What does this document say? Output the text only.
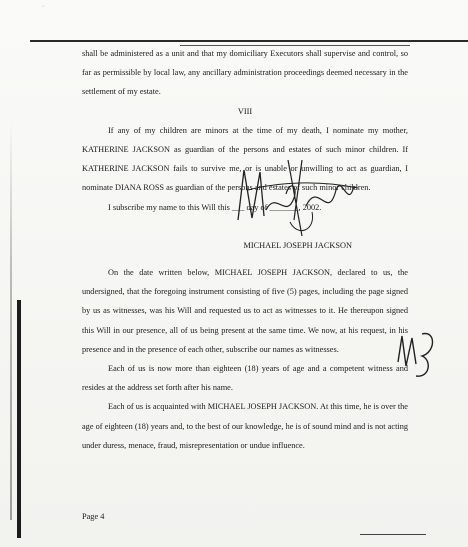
·

shall be administered as a unit and that my domiciliary Executors shall supervise and control, so far as permissible by local law, any ancillary administration proceedings deemed necessary in the settlement of my estate.

VIII

If any of my children are minors at the time of my death, I nominate my mother, KATHERINE JACKSON as guardian of the persons and estates of such minor children. If KATHERINE JACKSON fails to survive me, or is unable or unwilling to act as guardian, I nominate DIANA ROSS as guardian of the persons and estates of such minor children.

I subscribe my name to this Will this ___ day of _______, 2002.

MICHAEL JOSEPH JACKSON

On the date written below, MICHAEL JOSEPH JACKSON, declared to us, the undersigned, that the foregoing instrument consisting of five (5) pages, including the page signed by us as witnesses, was his Will and requested us to act as witnesses to it. He thereupon signed this Will in our presence, all of us being present at the same time. We now, at his request, in his presence and in the presence of each other, subscribe our names as witnesses.

Each of us is now more than eighteen (18) years of age and a competent witness and resides at the address set forth after his name.

Each of us is acquainted with MICHAEL JOSEPH JACKSON. At this time, he is over the age of eighteen (18) years and, to the best of our knowledge, he is of sound mind and is not acting under duress, menace, fraud, misrepresentation or undue influence.

Page 4
